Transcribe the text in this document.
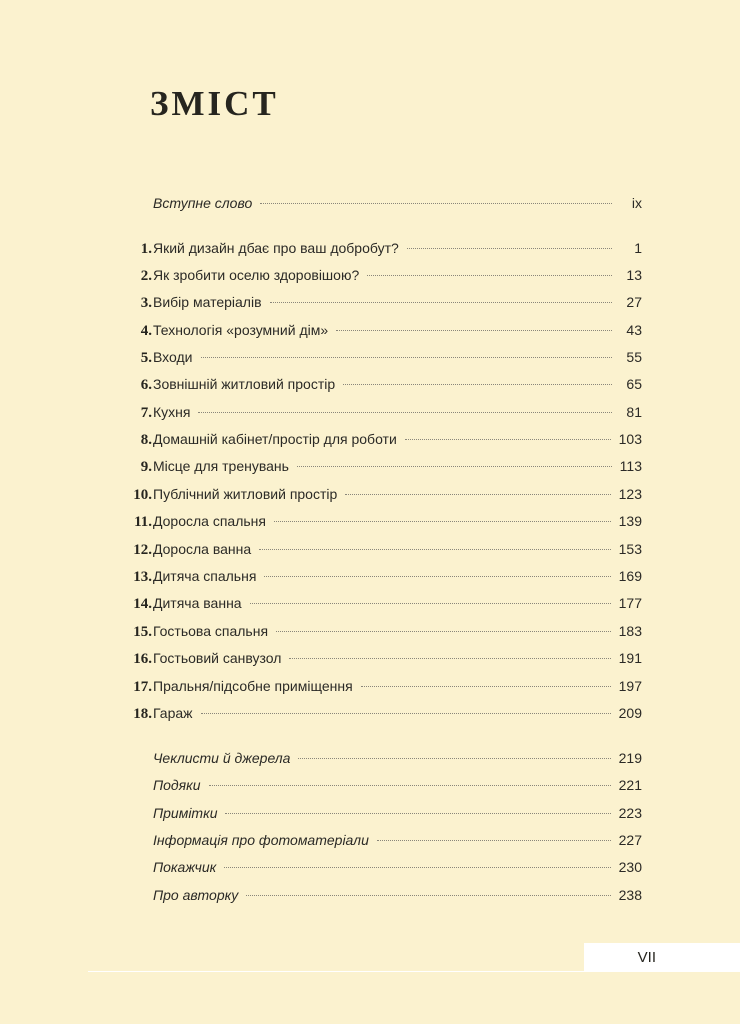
ЗМІСТ
Вступне слово	ix
1. Який дизайн дбає про ваш добробут?	1
2. Як зробити оселю здоровішою?	13
3. Вибір матеріалів	27
4. Технологія «розумний дім»	43
5. Входи	55
6. Зовнішній житловий простір	65
7. Кухня	81
8. Домашній кабінет/простір для роботи	103
9. Місце для тренувань	113
10. Публічний житловий простір	123
11. Доросла спальня	139
12. Доросла ванна	153
13. Дитяча спальня	169
14. Дитяча ванна	177
15. Гостьова спальня	183
16. Гостьовий санвузол	191
17. Пральня/підсобне приміщення	197
18. Гараж	209
Чеклисти й джерела	219
Подяки	221
Примітки	223
Інформація про фотоматеріали	227
Покажчик	230
Про авторку	238
VII
